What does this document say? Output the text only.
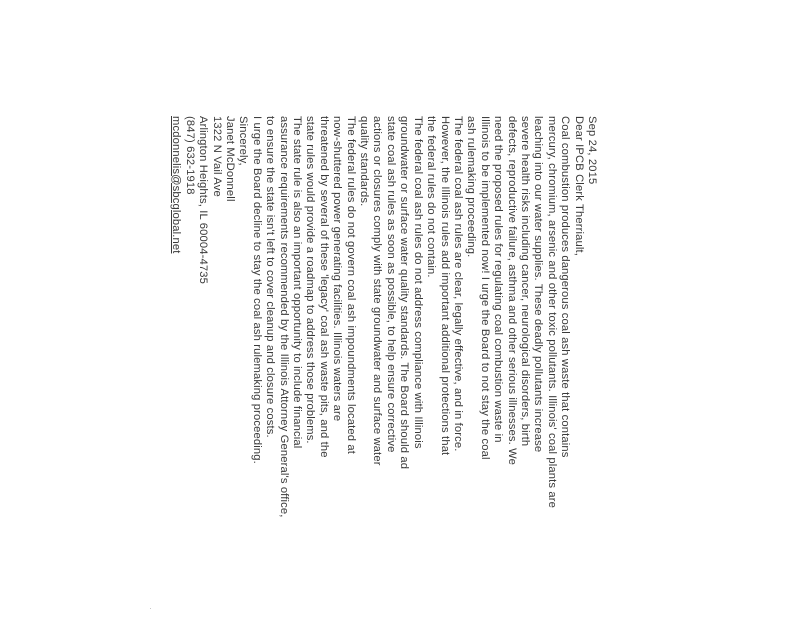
Sep 24, 2015

Dear IPCB Clerk Therriault,

Coal combustion produces dangerous coal ash waste that contains
mercury, chromium, arsenic and other toxic pollutants. Illinois' coal plants are
leaching into our water supplies. These deadly pollutants increase
severe health risks including cancer, neurological disorders, birth
defects, reproductive failure, asthma and other serious illnesses. We
need the proposed rules for regulating coal combustion waste in
Illinois to be implemented now! I urge the Board to not stay the coal
ash rulemaking proceeding.

The federal coal ash rules are clear, legally effective, and in force.
However, the Illinois rules add important additional protections that
the federal rules do not contain.

The federal coal ash rules do not address compliance with Illinois
groundwater or surface water quality standards. The Board should ad
state coal ash rules as soon as possible, to help ensure corrective
actions or closures comply with state groundwater and surface water
quality standards.

The federal rules do not govern coal ash impoundments located at
now-shuttered power generating facilities. Illinois waters are
threatened by several of these 'legacy' coal ash waste pits, and the
state rules would provide a roadmap to address those problems.

The state rule is also an important opportunity to include financial
assurance requirements recommended by the Illinois Attorney General's office,
to ensure the state isn't left to cover cleanup and closure costs.

I urge the Board decline to stay the coal ash rulemaking proceeding.

Sincerely,

Janet McDonnell
1322 N Vail Ave
Arlington Heights, IL 60004-4735
(847) 632-1918
mcdonnelis@sbcglobal.net
